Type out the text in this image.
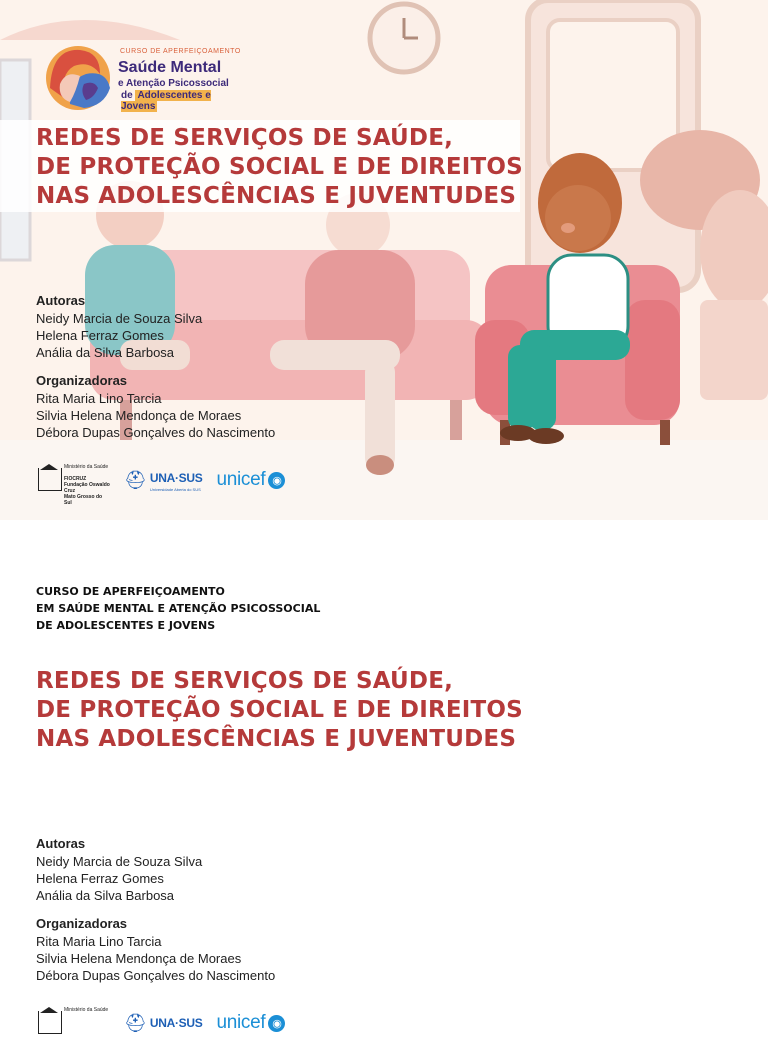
CURSO DE APERFEIÇOAMENTO
Saúde Mental
e Atenção Psicossocial
de Adolescentes e Jovens
REDES DE SERVIÇOS DE SAÚDE,
DE PROTEÇÃO SOCIAL E DE DIREITOS
NAS ADOLESCÊNCIAS E JUVENTUDES
Autoras
Neidy Marcia de Souza Silva
Helena Ferraz Gomes
Anália da Silva Barbosa
Organizadoras
Rita Maria Lino Tarcia
Silvia Helena Mendonça de Moraes
Débora Dupas Gonçalves do Nascimento
Ministério da Saúde
FIOCRUZ Fundação Oswaldo Cruz
Mato Grosso do Sul
⛑ UNA·SUS
Universidade Aberta do SUS unicef ◉
CURSO DE APERFEIÇOAMENTO
EM SAÚDE MENTAL E ATENÇÃO PSICOSSOCIAL
DE ADOLESCENTES E JOVENS
REDES DE SERVIÇOS DE SAÚDE,
DE PROTEÇÃO SOCIAL E DE DIREITOS
NAS ADOLESCÊNCIAS E JUVENTUDES
Autoras
Neidy Marcia de Souza Silva
Helena Ferraz Gomes
Anália da Silva Barbosa
Organizadoras
Rita Maria Lino Tarcia
Silvia Helena Mendonça de Moraes
Débora Dupas Gonçalves do Nascimento
Ministério da Saúde
⛑ UNA·SUS unicef ◉
